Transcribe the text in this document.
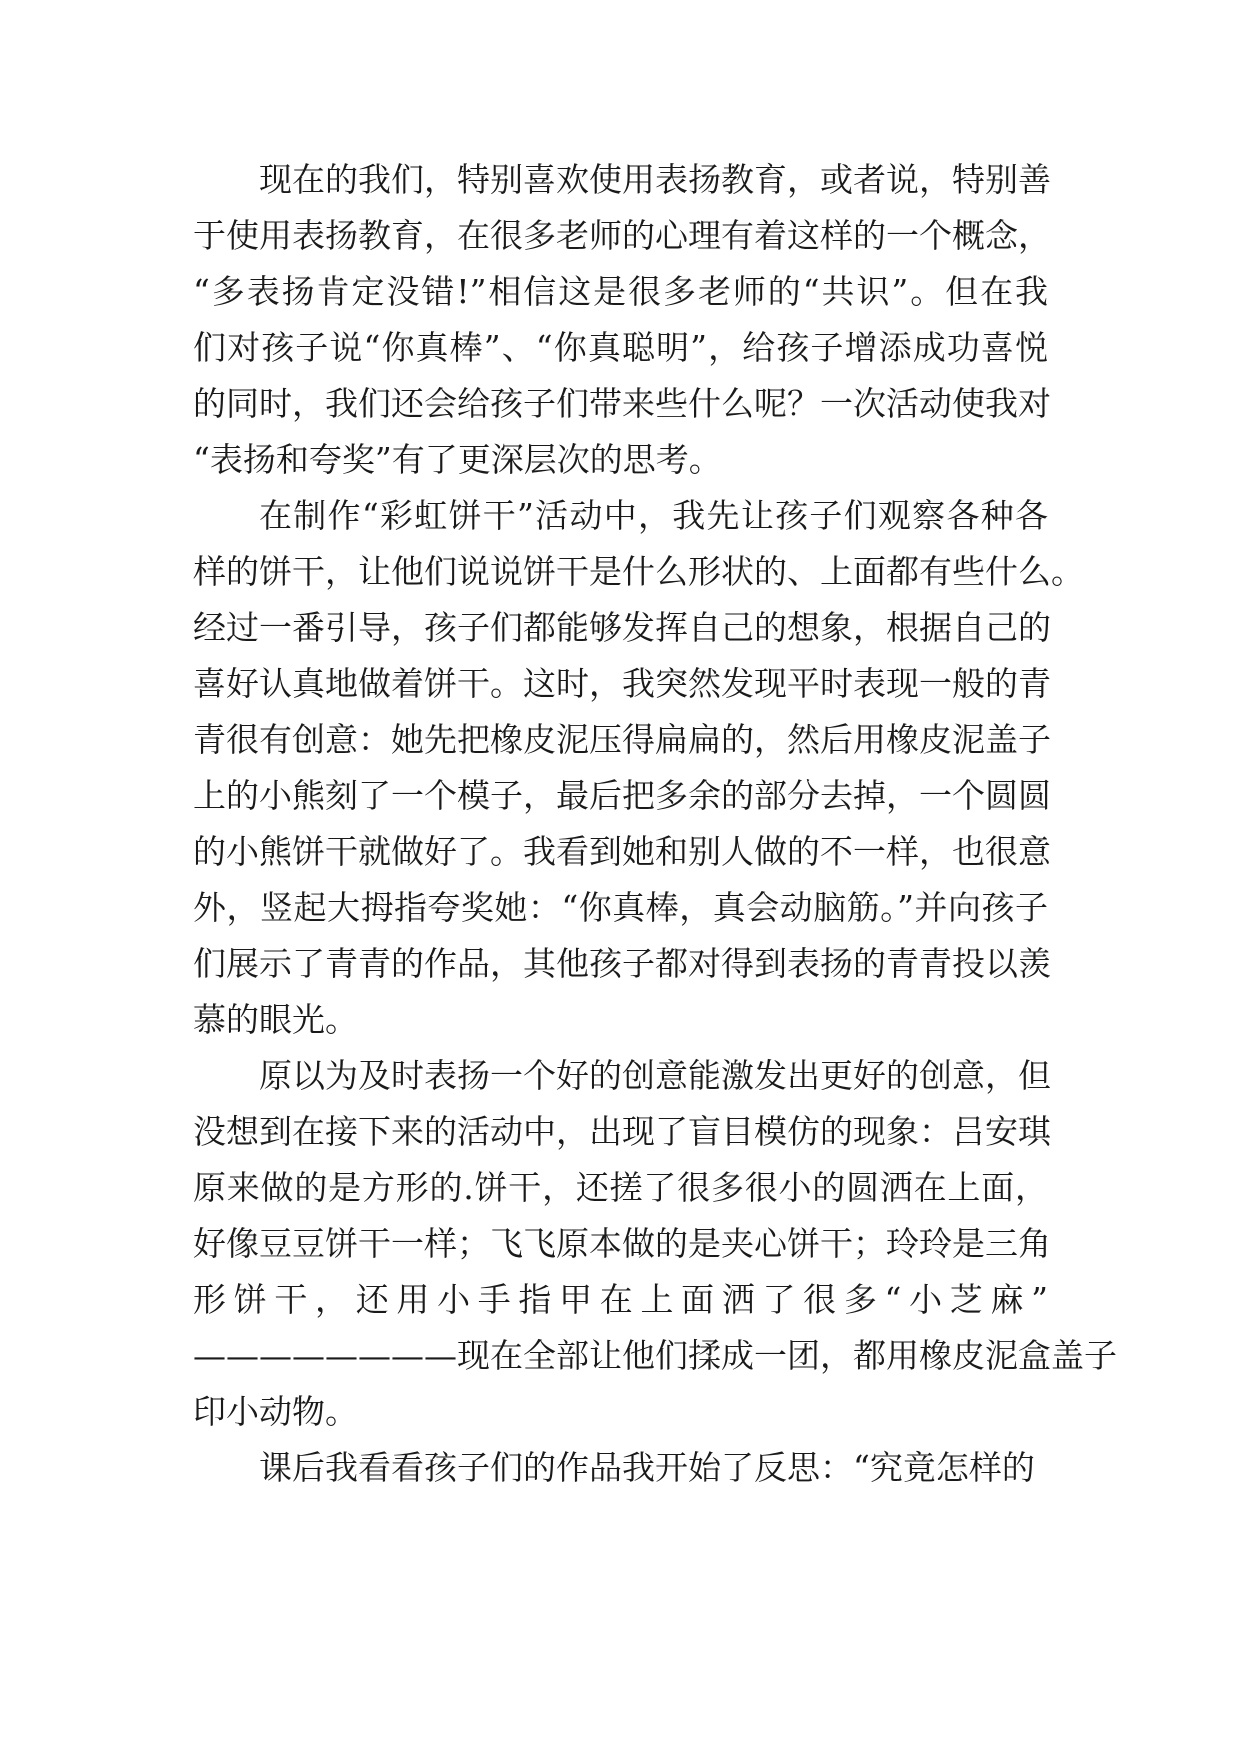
现在的我们，特别喜欢使用表扬教育，或者说，特别善
于使用表扬教育，在很多老师的心理有着这样的一个概念，
“多表扬肯定没错!”相信这是很多老师的“共识”。但在我
们对孩子说“你真棒”、“你真聪明”，给孩子增添成功喜悦
的同时，我们还会给孩子们带来些什么呢？一次活动使我对
“表扬和夸奖”有了更深层次的思考。
在制作“彩虹饼干”活动中，我先让孩子们观察各种各
样的饼干，让他们说说饼干是什么形状的、上面都有些什么。
经过一番引导，孩子们都能够发挥自己的想象，根据自己的
喜好认真地做着饼干。这时，我突然发现平时表现一般的青
青很有创意：她先把橡皮泥压得扁扁的，然后用橡皮泥盖子
上的小熊刻了一个模子，最后把多余的部分去掉，一个圆圆
的小熊饼干就做好了。我看到她和别人做的不一样，也很意
外，竖起大拇指夸奖她：“你真棒，真会动脑筋。”并向孩子
们展示了青青的作品，其他孩子都对得到表扬的青青投以羡
慕的眼光。
原以为及时表扬一个好的创意能激发出更好的创意，但
没想到在接下来的活动中，出现了盲目模仿的现象：吕安琪
原来做的是方形的.饼干，还搓了很多很小的圆洒在上面，
好像豆豆饼干一样；飞飞原本做的是夹心饼干；玲玲是三角
形饼干，还用小手指甲在上面洒了很多“小芝麻”
————————现在全部让他们揉成一团，都用橡皮泥盒盖子
印小动物。
课后我看看孩子们的作品我开始了反思：“究竟怎样的
